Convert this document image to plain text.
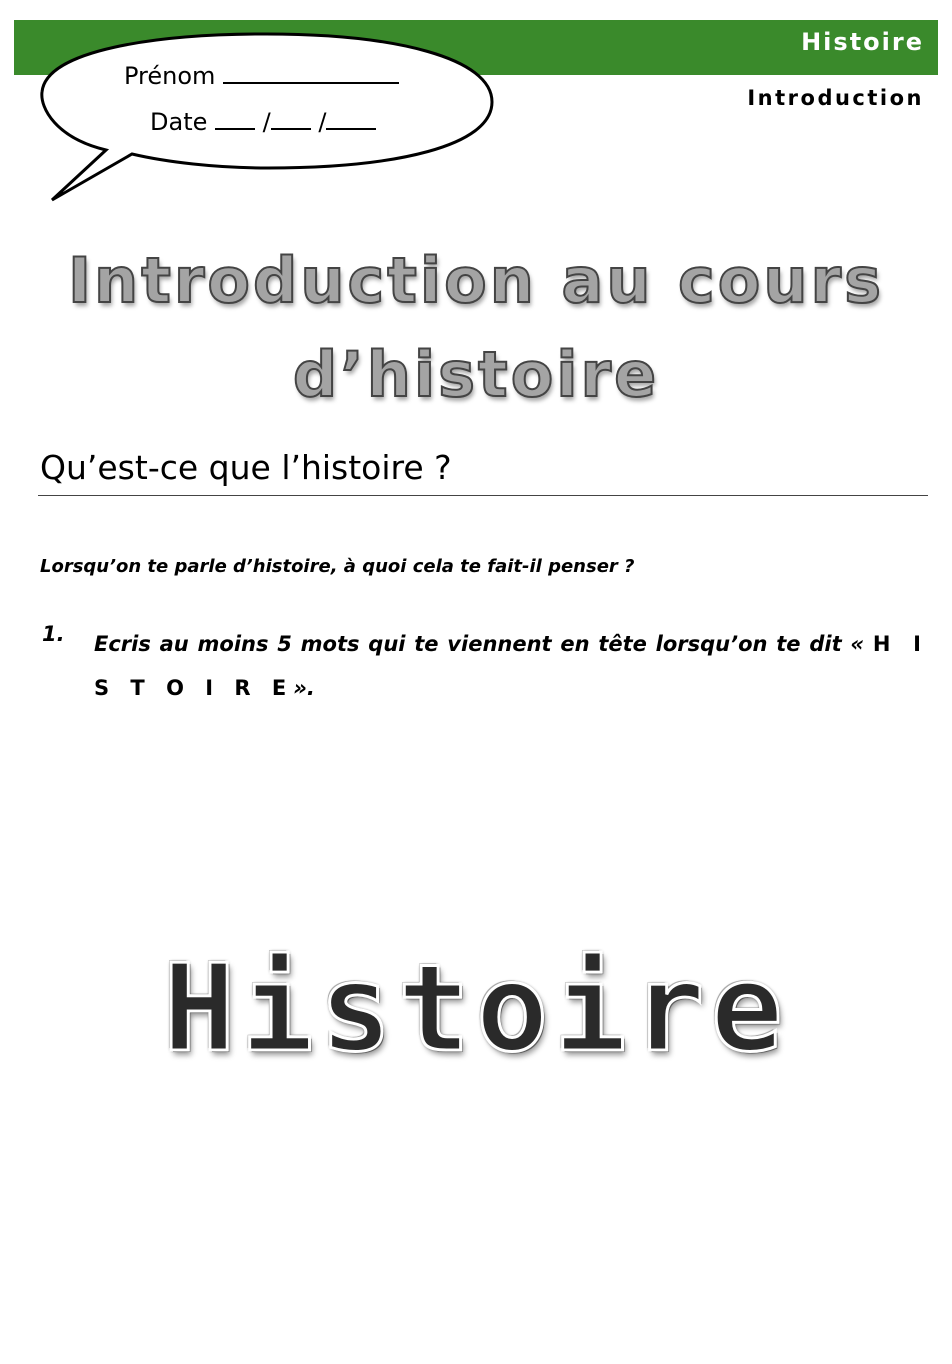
Histoire
Introduction
Prénom
Date / /
Introduction au cours
d’histoire
Qu’est-ce que l’histoire ?
Lorsqu’on te parle d’histoire, à quoi cela te fait-il penser ?
1. Ecris au moins 5 mots qui te viennent en tête lorsqu’on te dit « H I S T O I R E».
Histoire
